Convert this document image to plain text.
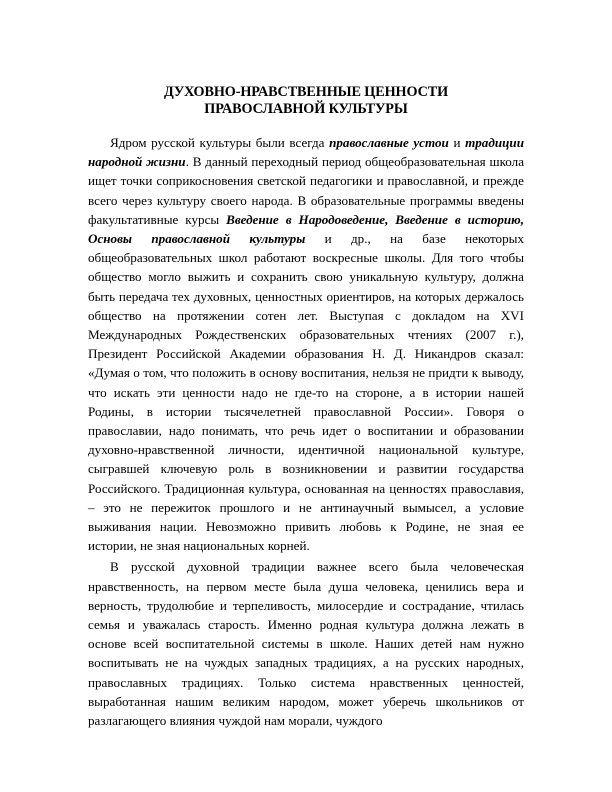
ДУХОВНО-НРАВСТВЕННЫЕ ЦЕННОСТИ
ПРАВОСЛАВНОЙ КУЛЬТУРЫ

Ядром русской культуры были всегда православные устои и традиции народной жизни. В данный переходный период общеобразовательная школа ищет точки соприкосновения светской педагогики и православной, и прежде всего через культуру своего народа. В образовательные программы введены факультативные курсы Введение в Народоведение, Введение в историю, Основы православной культуры и др., на базе некоторых общеобразовательных школ работают воскресные школы. Для того чтобы общество могло выжить и сохранить свою уникальную культуру, должна быть передача тех духовных, ценностных ориентиров, на которых держалось общество на протяжении сотен лет. Выступая с докладом на XVI Международных Рождественских образовательных чтениях (2007 г.), Президент Российской Академии образования Н. Д. Никандров сказал: «Думая о том, что положить в основу воспитания, нельзя не придти к выводу, что искать эти ценности надо не где-то на стороне, а в истории нашей Родины, в истории тысячелетней православной России». Говоря о православии, надо понимать, что речь идет о воспитании и образовании духовно-нравственной личности, идентичной национальной культуре, сыгравшей ключевую роль в возникновении и развитии государства Российского. Традиционная культура, основанная на ценностях православия, – это не пережиток прошлого и не антинаучный вымысел, а условие выживания нации. Невозможно привить любовь к Родине, не зная ее истории, не зная национальных корней.

В русской духовной традиции важнее всего была человеческая нравственность, на первом месте была душа человека, ценились вера и верность, трудолюбие и терпеливость, милосердие и сострадание, чтилась семья и уважалась старость. Именно родная культура должна лежать в основе всей воспитательной системы в школе. Наших детей нам нужно воспитывать не на чуждых западных традициях, а на русских народных, православных традициях. Только система нравственных ценностей, выработанная нашим великим народом, может уберечь школьников от разлагающего влияния чуждой нам морали, чуждого
